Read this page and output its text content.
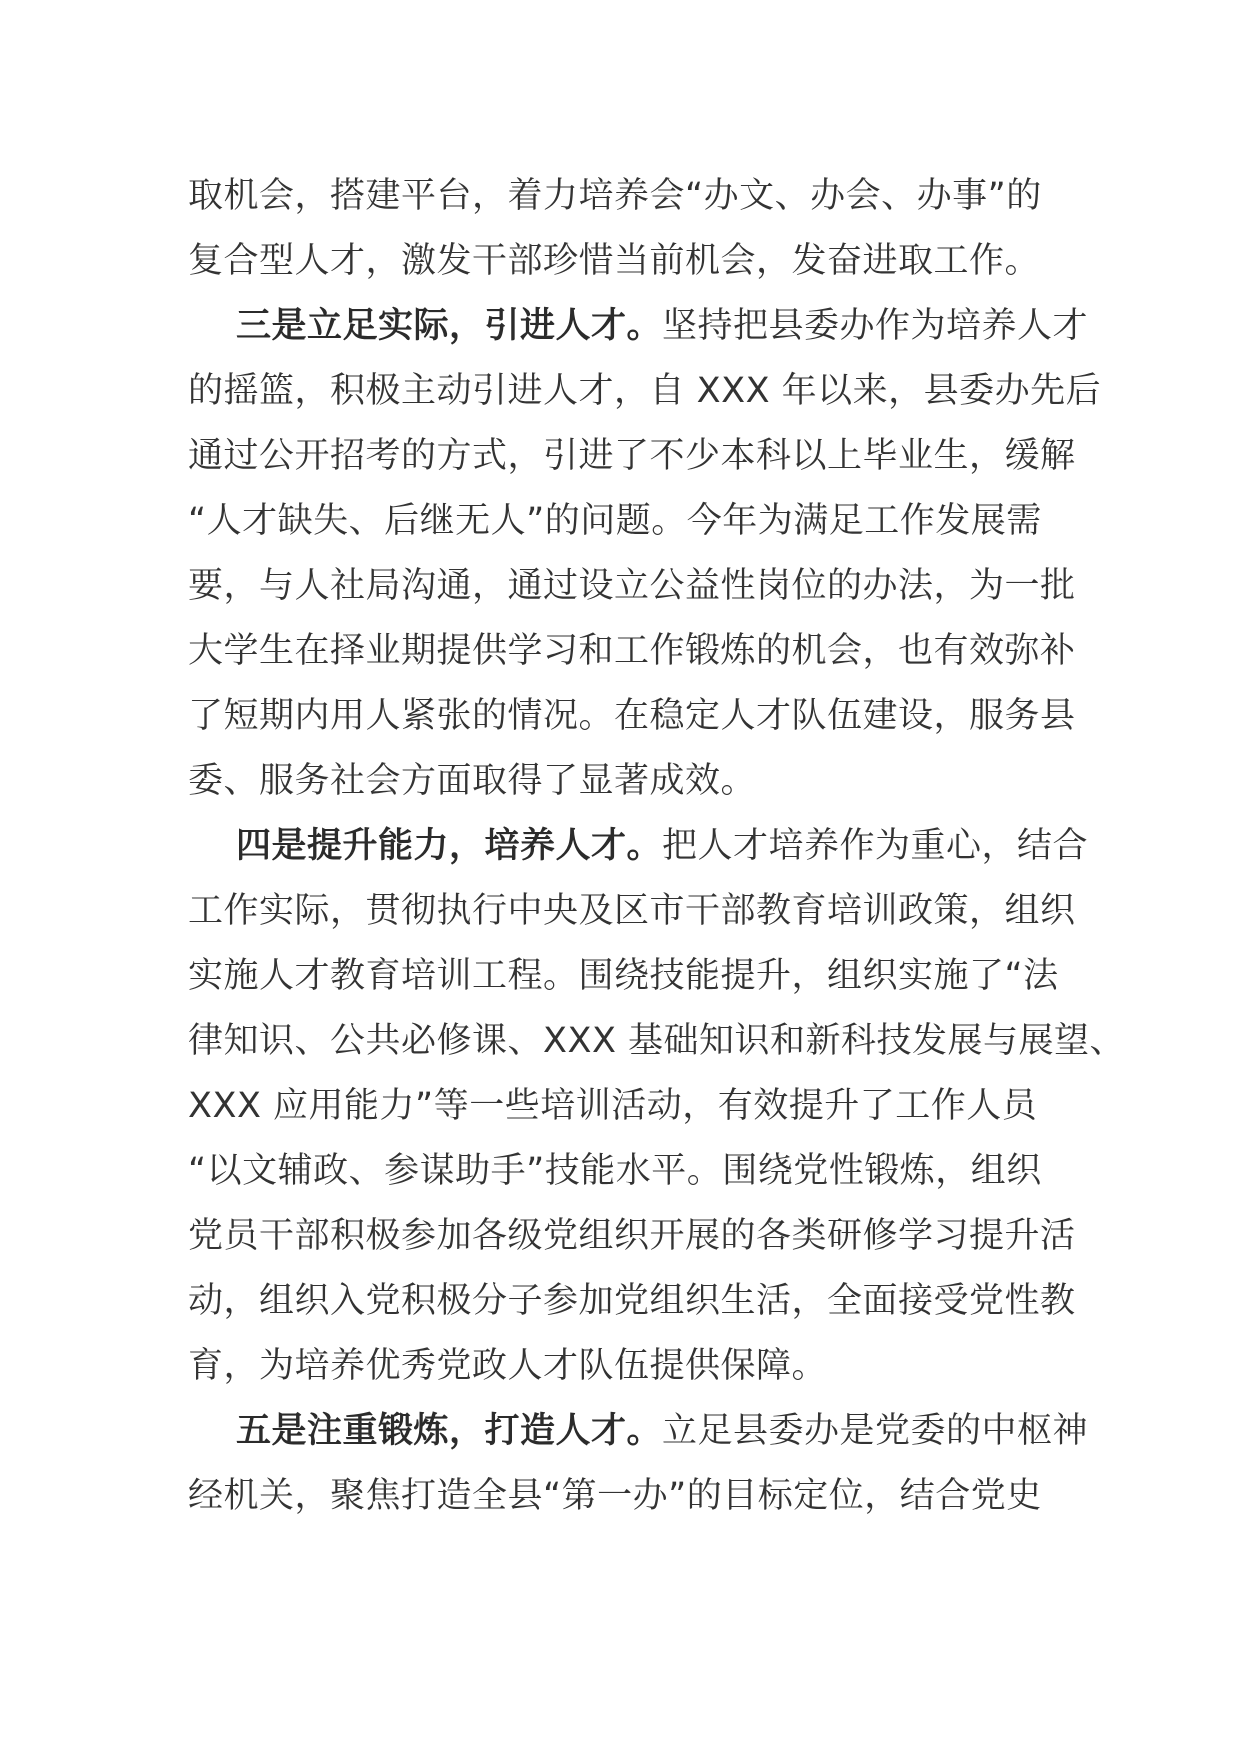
取机会，搭建平台，着力培养会“办文、办会、办事”的
复合型人才，激发干部珍惜当前机会，发奋进取工作。
三是立足实际，引进人才。坚持把县委办作为培养人才
的摇篮，积极主动引进人才，自 XXX 年以来，县委办先后
通过公开招考的方式，引进了不少本科以上毕业生，缓解
“人才缺失、后继无人”的问题。今年为满足工作发展需
要，与人社局沟通，通过设立公益性岗位的办法，为一批
大学生在择业期提供学习和工作锻炼的机会，也有效弥补
了短期内用人紧张的情况。在稳定人才队伍建设，服务县
委、服务社会方面取得了显著成效。
四是提升能力，培养人才。把人才培养作为重心，结合
工作实际，贯彻执行中央及区市干部教育培训政策，组织
实施人才教育培训工程。围绕技能提升，组织实施了“法
律知识、公共必修课、XXX 基础知识和新科技发展与展望、
XXX 应用能力”等一些培训活动，有效提升了工作人员
“以文辅政、参谋助手”技能水平。围绕党性锻炼，组织
党员干部积极参加各级党组织开展的各类研修学习提升活
动，组织入党积极分子参加党组织生活，全面接受党性教
育，为培养优秀党政人才队伍提供保障。
五是注重锻炼，打造人才。立足县委办是党委的中枢神
经机关，聚焦打造全县“第一办”的目标定位，结合党史
